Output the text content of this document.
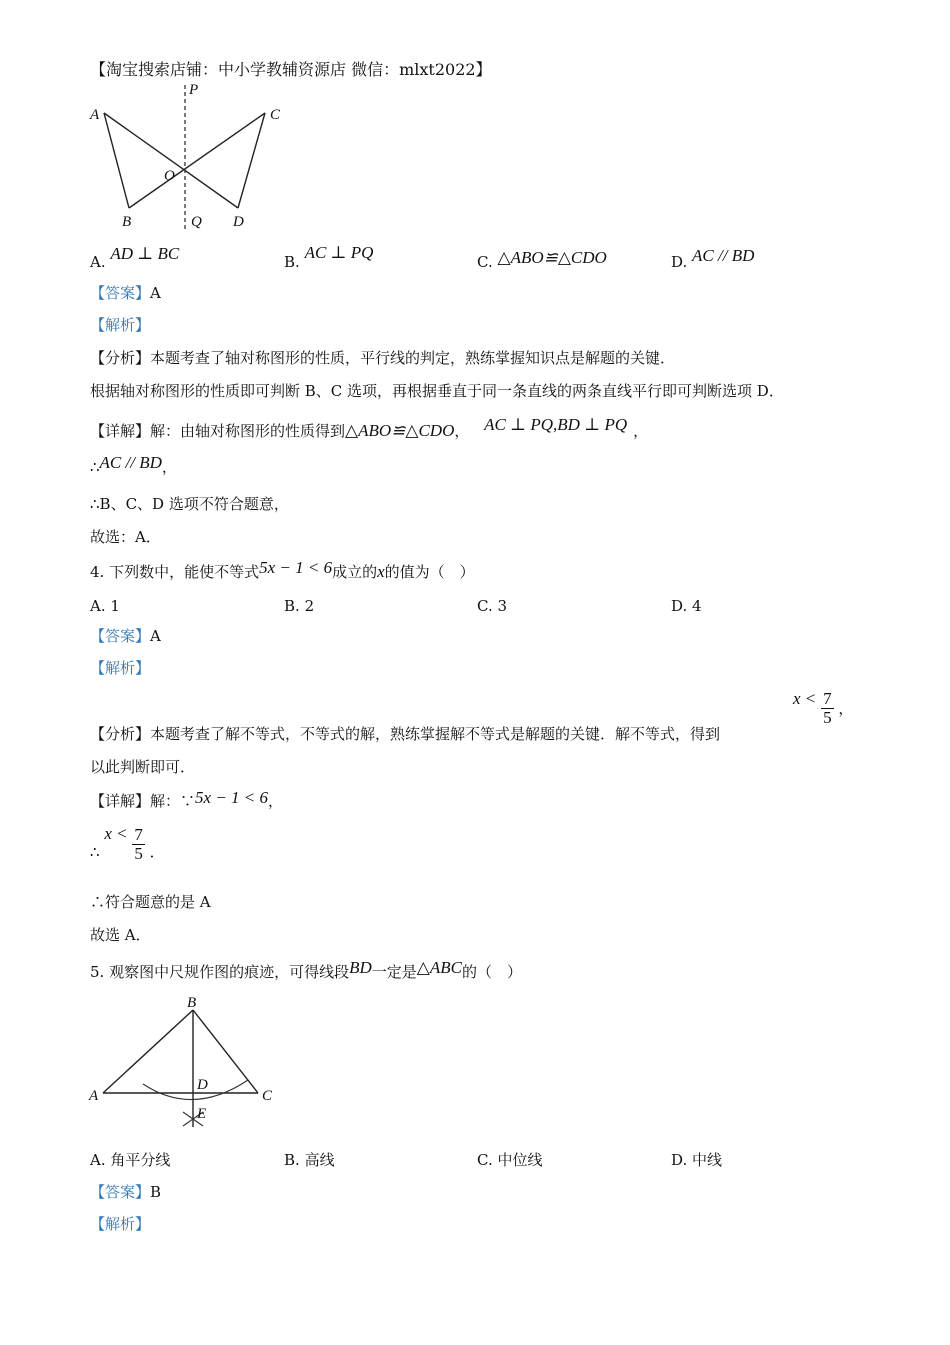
【淘宝搜索店铺：中小学教辅资源店 微信：mlxt2022】
P
A	C
O
B	Q D
A. AD ⊥ BC	B. AC ⊥ PQ	C. △ABO≌△CDO	D. AC // BD
【答案】A
【解析】
【分析】本题考查了轴对称图形的性质，平行线的判定，熟练掌握知识点是解题的关键．
根据轴对称图形的性质即可判断 B、C 选项，再根据垂直于同一条直线的两条直线平行即可判断选项 D．
【详解】解：由轴对称图形的性质得到△ABO≌△CDO， AC ⊥ PQ,BD ⊥ PQ ，
∴AC // BD，
∴B、C、D 选项不符合题意，
故选：A．
4. 下列数中，能使不等式5x − 1 < 6成立的x的值为（　）
A. 1	B. 2	C. 3	D. 4
【答案】A
【解析】
【分析】本题考查了解不等式，不等式的解，熟练掌握解不等式是解题的关键．解不等式，得到
$x < \frac{7}{5}$ ，
以此判断即可．
【详解】解：∵5x − 1 < 6，
∴ $x < \frac{7}{5}$ ．
∴符合题意的是 A
故选 A．
5. 观察图中尺规作图的痕迹，可得线段BD一定是△ABC的（　）
B
A	C
D
E
A. 角平分线	B. 高线	C. 中位线	D. 中线
【答案】B
【解析】
